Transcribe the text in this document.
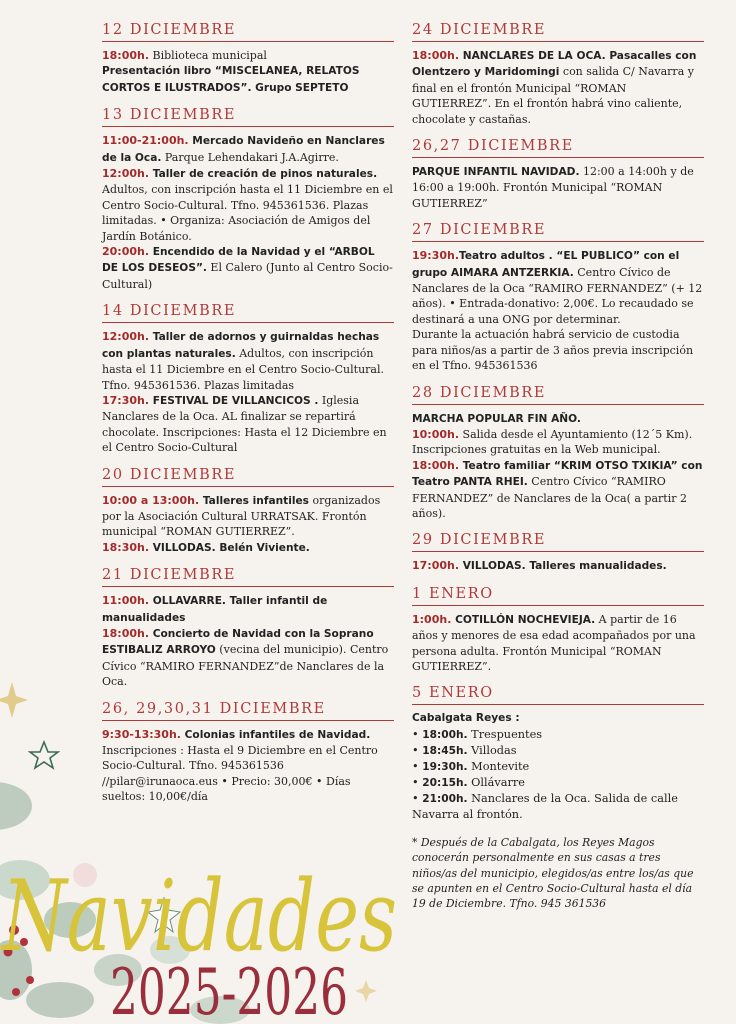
12 DICIEMBRE
18:00h. Biblioteca municipal
Presentación libro “MISCELANEA, RELATOS CORTOS E ILUSTRADOS”. Grupo SEPTETO
13 DICIEMBRE
11:00-21:00h. Mercado Navideño en Nanclares de la Oca. Parque Lehendakari J.A.Agirre.
12:00h. Taller de creación de pinos naturales. Adultos, con inscripción hasta el 11 Diciembre en el Centro Socio-Cultural. Tfno. 945361536. Plazas limitadas. • Organiza: Asociación de Amigos del Jardín Botánico.
20:00h. Encendido de la Navidad y el “ARBOL DE LOS DESEOS”. El Calero (Junto al Centro Socio-Cultural)
14 DICIEMBRE
12:00h. Taller de adornos y guirnaldas hechas con plantas naturales. Adultos, con inscripción hasta el 11 Diciembre en el Centro Socio-Cultural. Tfno. 945361536. Plazas limitadas
17:30h. FESTIVAL DE VILLANCICOS . Iglesia Nanclares de la Oca. AL finalizar se repartirá chocolate. Inscripciones: Hasta el 12 Diciembre en el Centro Socio-Cultural
20 DICIEMBRE
10:00 a 13:00h. Talleres infantiles organizados por la Asociación Cultural URRATSAK. Frontón municipal “ROMAN GUTIERREZ”.
18:30h. VILLODAS. Belén Viviente.
21 DICIEMBRE
11:00h. OLLAVARRE. Taller infantil de manualidades
18:00h. Concierto de Navidad con la Soprano ESTIBALIZ ARROYO (vecina del municipio). Centro Cívico “RAMIRO FERNANDEZ”de Nanclares de la Oca.
26, 29,30,31 DICIEMBRE
9:30-13:30h. Colonias infantiles de Navidad. Inscripciones : Hasta el 9 Diciembre en el Centro Socio-Cultural. Tfno. 945361536 //pilar@irunaoca.eus • Precio: 30,00€ • Días sueltos: 10,00€/día
24 DICIEMBRE
18:00h. NANCLARES DE LA OCA. Pasacalles con Olentzero y Maridomingi con salida C/ Navarra y final en el frontón Municipal “ROMAN GUTIERREZ”. En el frontón habrá vino caliente, chocolate y castañas.
26,27 DICIEMBRE
PARQUE INFANTIL NAVIDAD. 12:00 a 14:00h y de 16:00 a 19:00h. Frontón Municipal “ROMAN GUTIERREZ”
27 DICIEMBRE
19:30h.Teatro adultos . “EL PUBLICO” con el grupo AIMARA ANTZERKIA. Centro Cívico de Nanclares de la Oca “RAMIRO FERNANDEZ” (+ 12 años). • Entrada-donativo: 2,00€. Lo recaudado se destinará a una ONG por determinar.
Durante la actuación habrá servicio de custodia para niños/as a partir de 3 años previa inscripción en el Tfno. 945361536
28 DICIEMBRE
MARCHA POPULAR FIN AÑO.
10:00h. Salida desde el Ayuntamiento (12´5 Km). Inscripciones gratuitas en la Web municipal.
18:00h. Teatro familiar “KRIM OTSO TXIKIA” con Teatro PANTA RHEI. Centro Cívico “RAMIRO FERNANDEZ” de Nanclares de la Oca( a partir 2 años).
29 DICIEMBRE
17:00h. VILLODAS. Talleres manualidades.
1 ENERO
1:00h. COTILLÓN NOCHEVIEJA. A partir de 16 años y menores de esa edad acompañados por una persona adulta. Frontón Municipal “ROMAN GUTIERREZ”.
5 ENERO
Cabalgata Reyes :
• 18:00h. Trespuentes
• 18:45h. Villodas
• 19:30h. Montevite
• 20:15h. Ollávarre
• 21:00h. Nanclares de la Oca. Salida de calle Navarra al frontón.
* Después de la Cabalgata, los Reyes Magos conocerán personalmente en sus casas a tres niños/as del municipio, elegidos/as entre los/as que se apunten en el Centro Socio-Cultural hasta el día 19 de Diciembre. Tfno. 945 361536
Navidades
2025-2026
